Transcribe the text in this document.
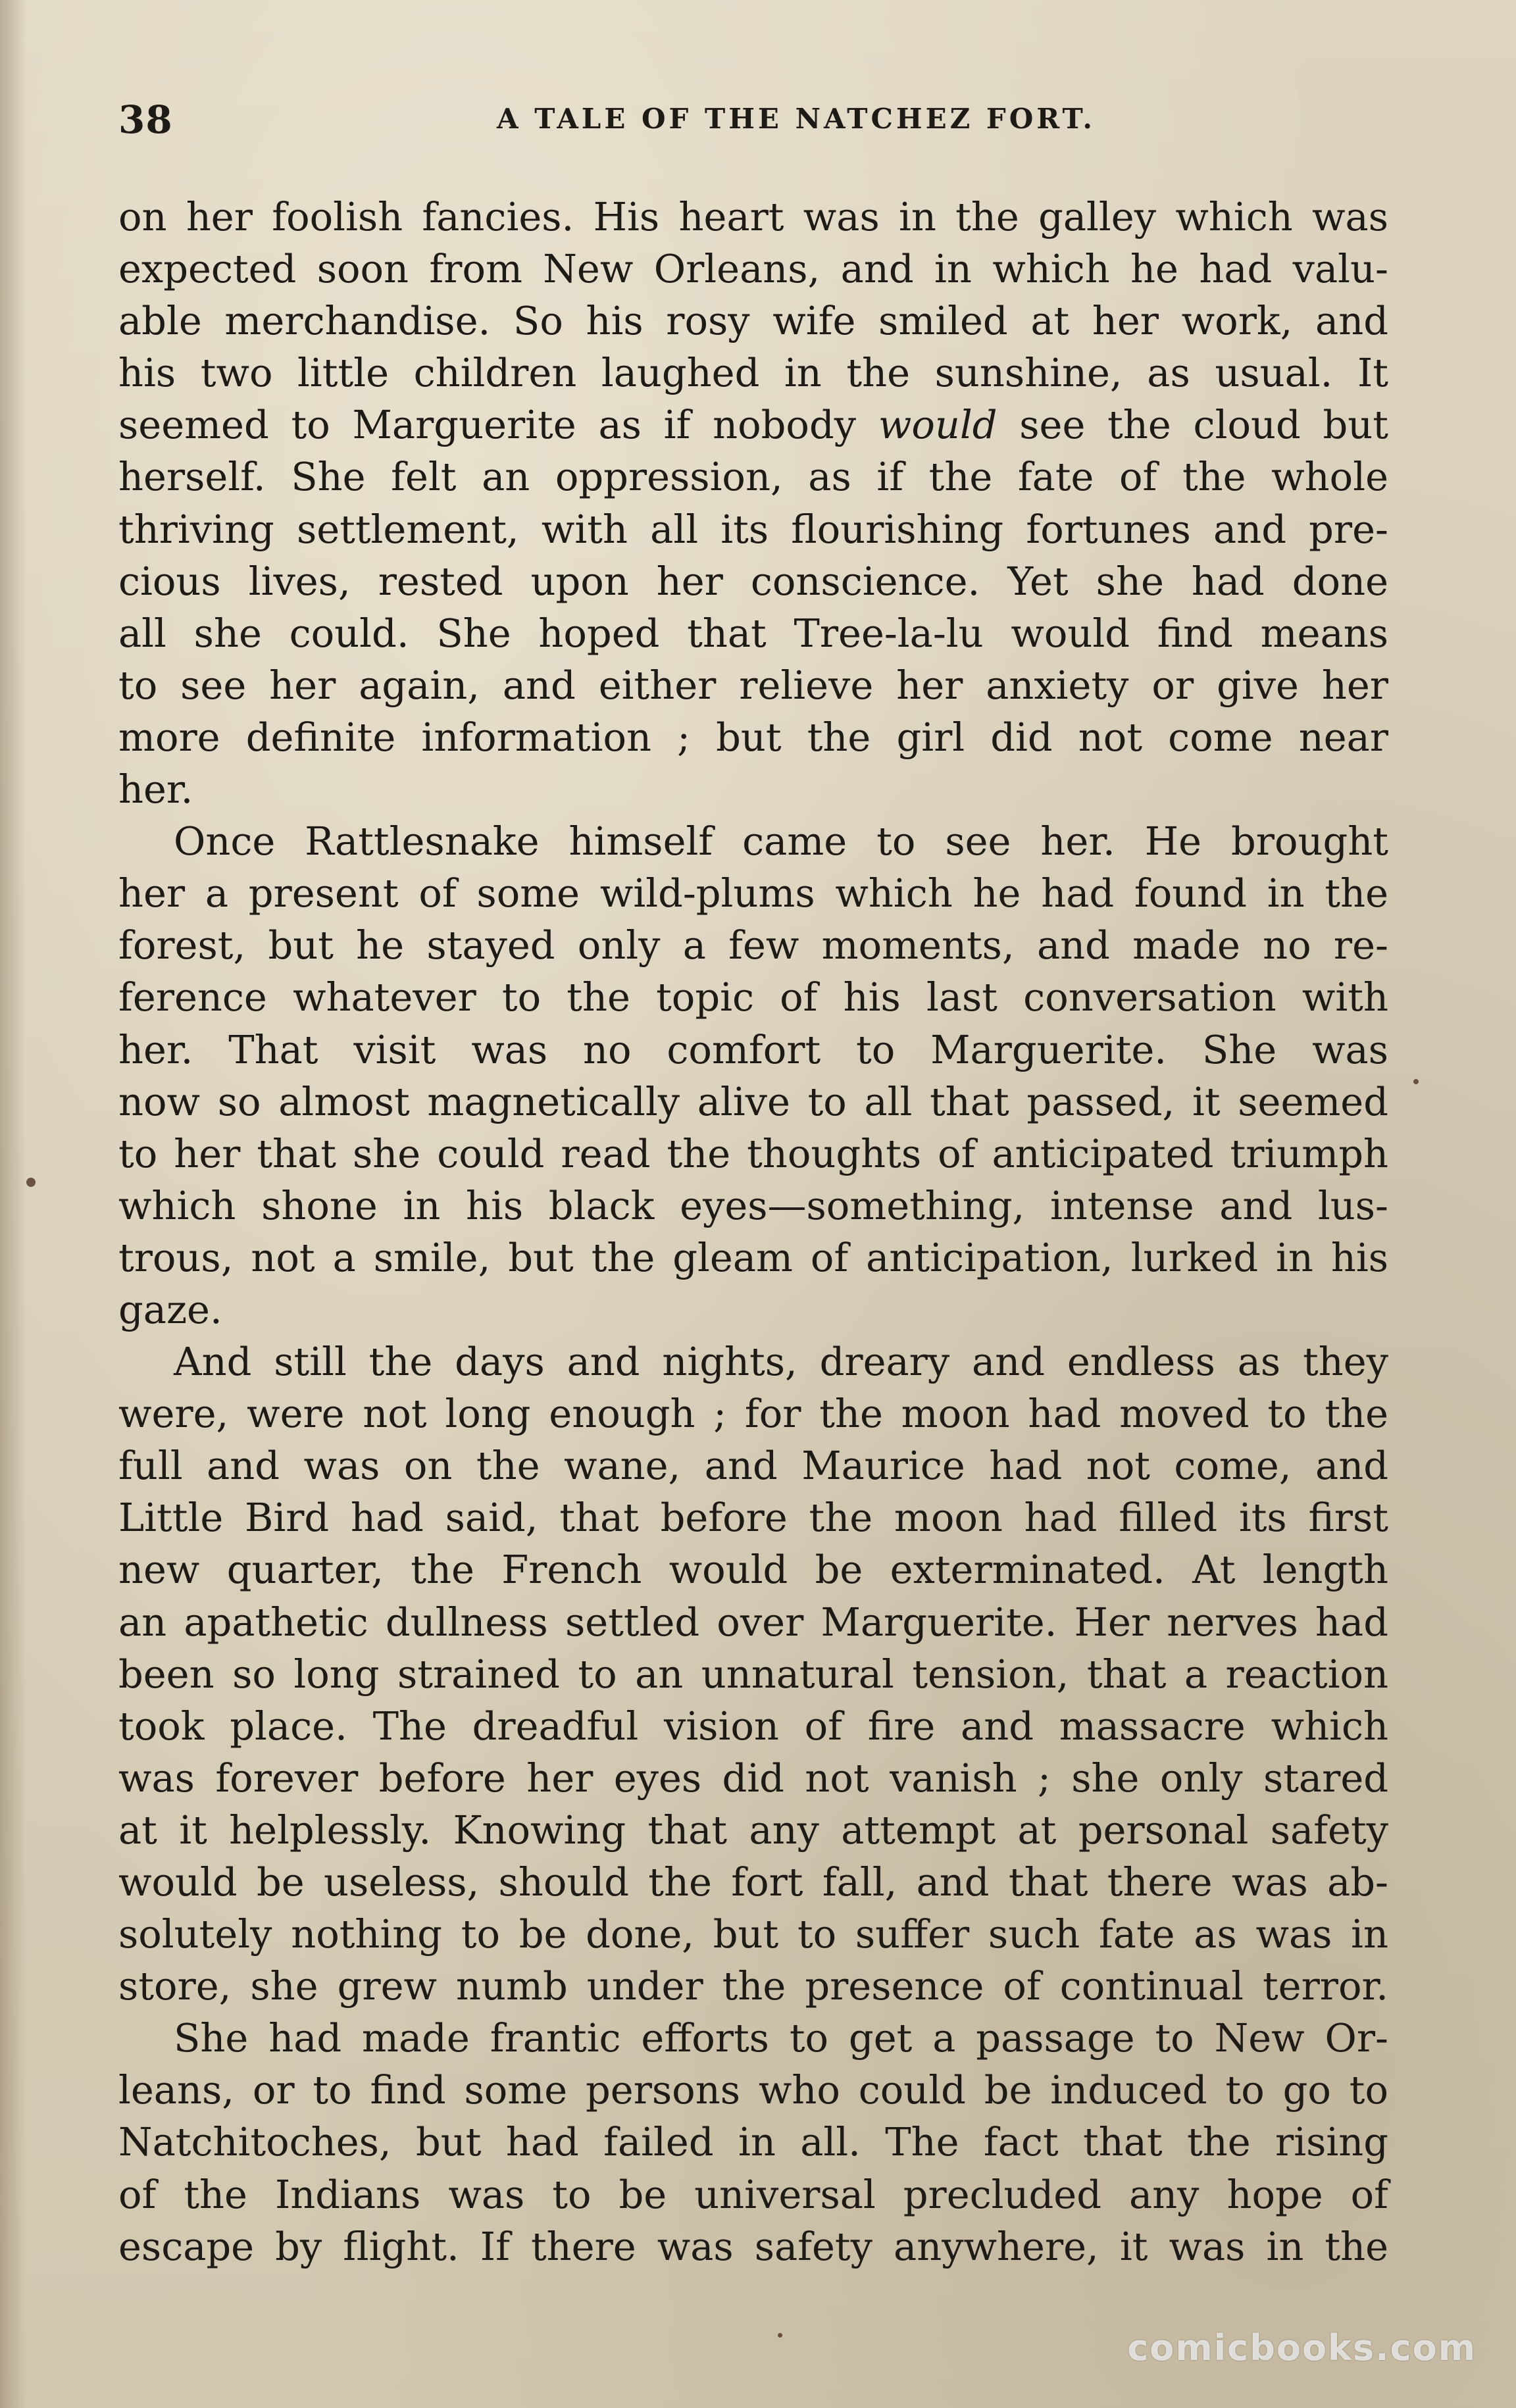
38	A TALE OF THE NATCHEZ FORT.
on her foolish fancies. His heart was in the galley which was
expected soon from New Orleans, and in which he had valu-
able merchandise. So his rosy wife smiled at her work, and
his two little children laughed in the sunshine, as usual. It
seemed to Marguerite as if nobody would see the cloud but
herself. She felt an oppression, as if the fate of the whole
thriving settlement, with all its flourishing fortunes and pre-
cious lives, rested upon her conscience. Yet she had done
all she could. She hoped that Tree-la-lu would find means
to see her again, and either relieve her anxiety or give her
more definite information ; but the girl did not come near
her.
Once Rattlesnake himself came to see her. He brought
her a present of some wild-plums which he had found in the
forest, but he stayed only a few moments, and made no re-
ference whatever to the topic of his last conversation with
her. That visit was no comfort to Marguerite. She was
now so almost magnetically alive to all that passed, it seemed
to her that she could read the thoughts of anticipated triumph
which shone in his black eyes—something, intense and lus-
trous, not a smile, but the gleam of anticipation, lurked in his
gaze.
And still the days and nights, dreary and endless as they
were, were not long enough ; for the moon had moved to the
full and was on the wane, and Maurice had not come, and
Little Bird had said, that before the moon had filled its first
new quarter, the French would be exterminated. At length
an apathetic dullness settled over Marguerite. Her nerves had
been so long strained to an unnatural tension, that a reaction
took place. The dreadful vision of fire and massacre which
was forever before her eyes did not vanish ; she only stared
at it helplessly. Knowing that any attempt at personal safety
would be useless, should the fort fall, and that there was ab-
solutely nothing to be done, but to suffer such fate as was in
store, she grew numb under the presence of continual terror.
She had made frantic efforts to get a passage to New Or-
leans, or to find some persons who could be induced to go to
Natchitoches, but had failed in all. The fact that the rising
of the Indians was to be universal precluded any hope of
escape by flight. If there was safety anywhere, it was in the
comicbooks.com
